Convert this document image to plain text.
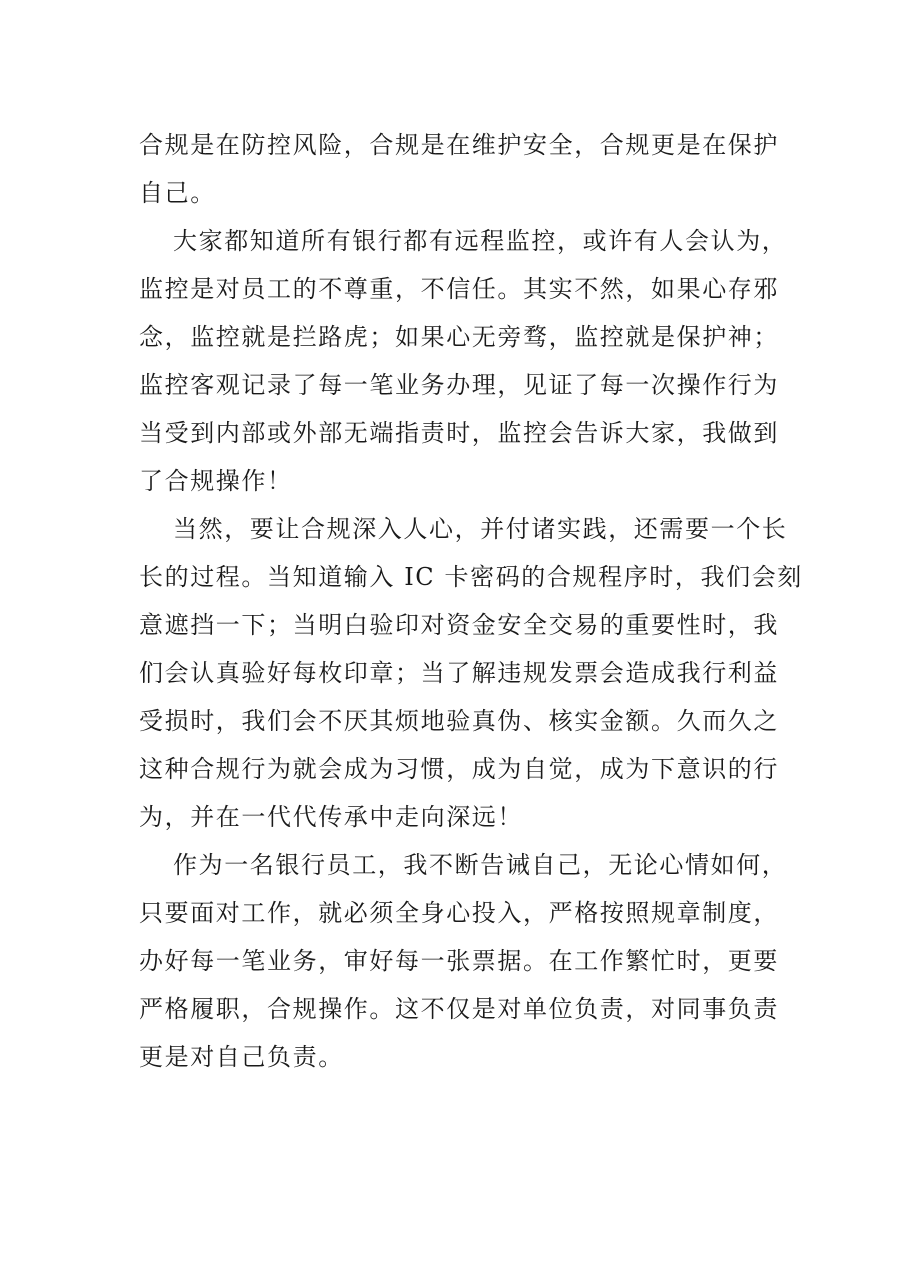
合规是在防控风险，合规是在维护安全，合规更是在保护
自己。

大家都知道所有银行都有远程监控，或许有人会认为，
监控是对员工的不尊重，不信任。其实不然，如果心存邪
念，监控就是拦路虎；如果心无旁骛，监控就是保护神；
监控客观记录了每一笔业务办理，见证了每一次操作行为
当受到内部或外部无端指责时，监控会告诉大家，我做到
了合规操作！

当然，要让合规深入人心，并付诸实践，还需要一个长
长的过程。当知道输入 IC 卡密码的合规程序时，我们会刻
意遮挡一下；当明白验印对资金安全交易的重要性时，我
们会认真验好每枚印章；当了解违规发票会造成我行利益
受损时，我们会不厌其烦地验真伪、核实金额。久而久之
这种合规行为就会成为习惯，成为自觉，成为下意识的行
为，并在一代代传承中走向深远！

作为一名银行员工，我不断告诫自己，无论心情如何，
只要面对工作，就必须全身心投入，严格按照规章制度，
办好每一笔业务，审好每一张票据。在工作繁忙时，更要
严格履职，合规操作。这不仅是对单位负责，对同事负责
更是对自己负责。
